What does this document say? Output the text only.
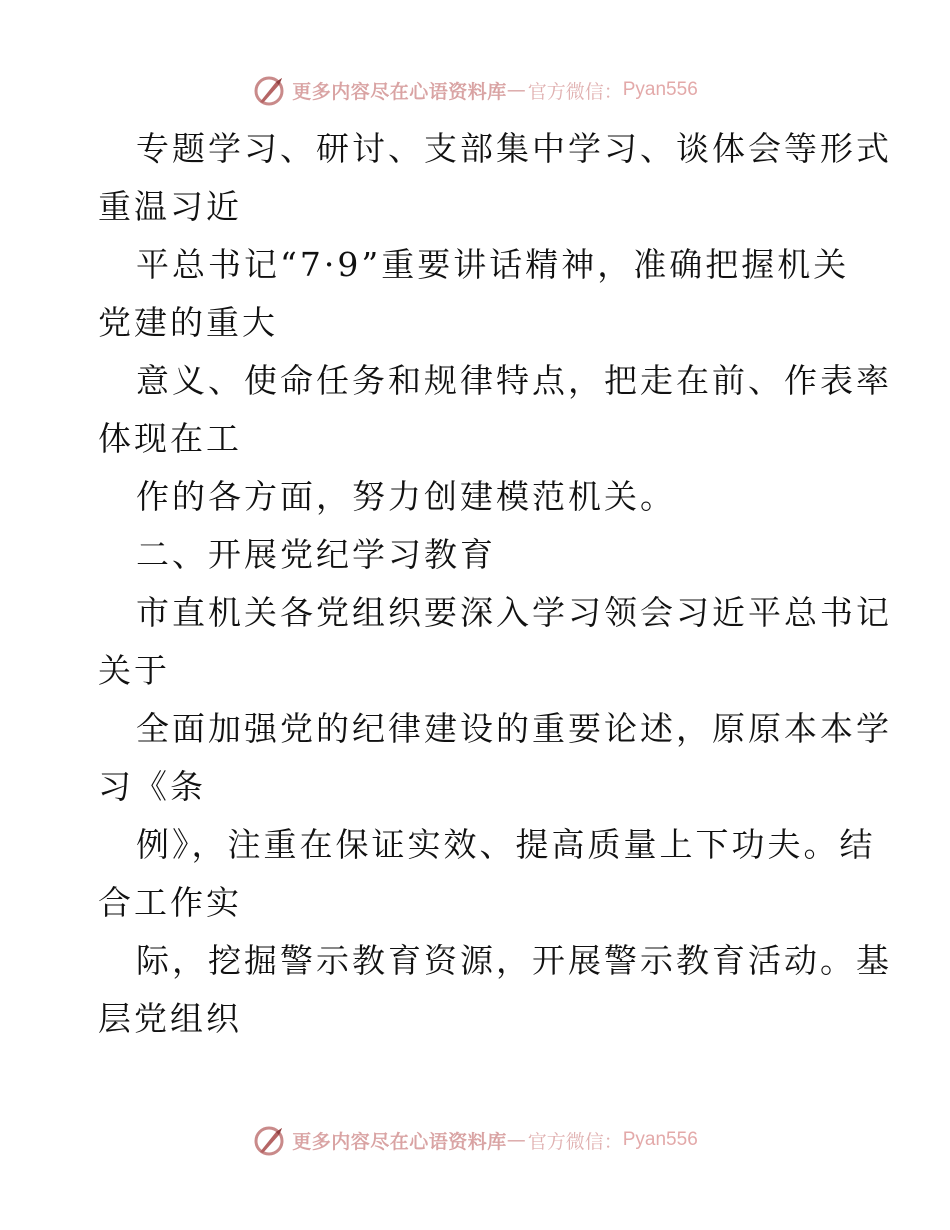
更多内容尽在心语资料库 — 官方微信： Pyan556
专题学习、研讨、支部集中学习、谈体会等形式
重温习近
平总书记“7·9”重要讲话精神，准确把握机关
党建的重大
意义、使命任务和规律特点，把走在前、作表率
体现在工
作的各方面，努力创建模范机关。
二、开展党纪学习教育
市直机关各党组织要深入学习领会习近平总书记
关于
全面加强党的纪律建设的重要论述，原原本本学
习《条
例》，注重在保证实效、提高质量上下功夫。结
合工作实
际，挖掘警示教育资源，开展警示教育活动。基
层党组织
更多内容尽在心语资料库 — 官方微信： Pyan556
